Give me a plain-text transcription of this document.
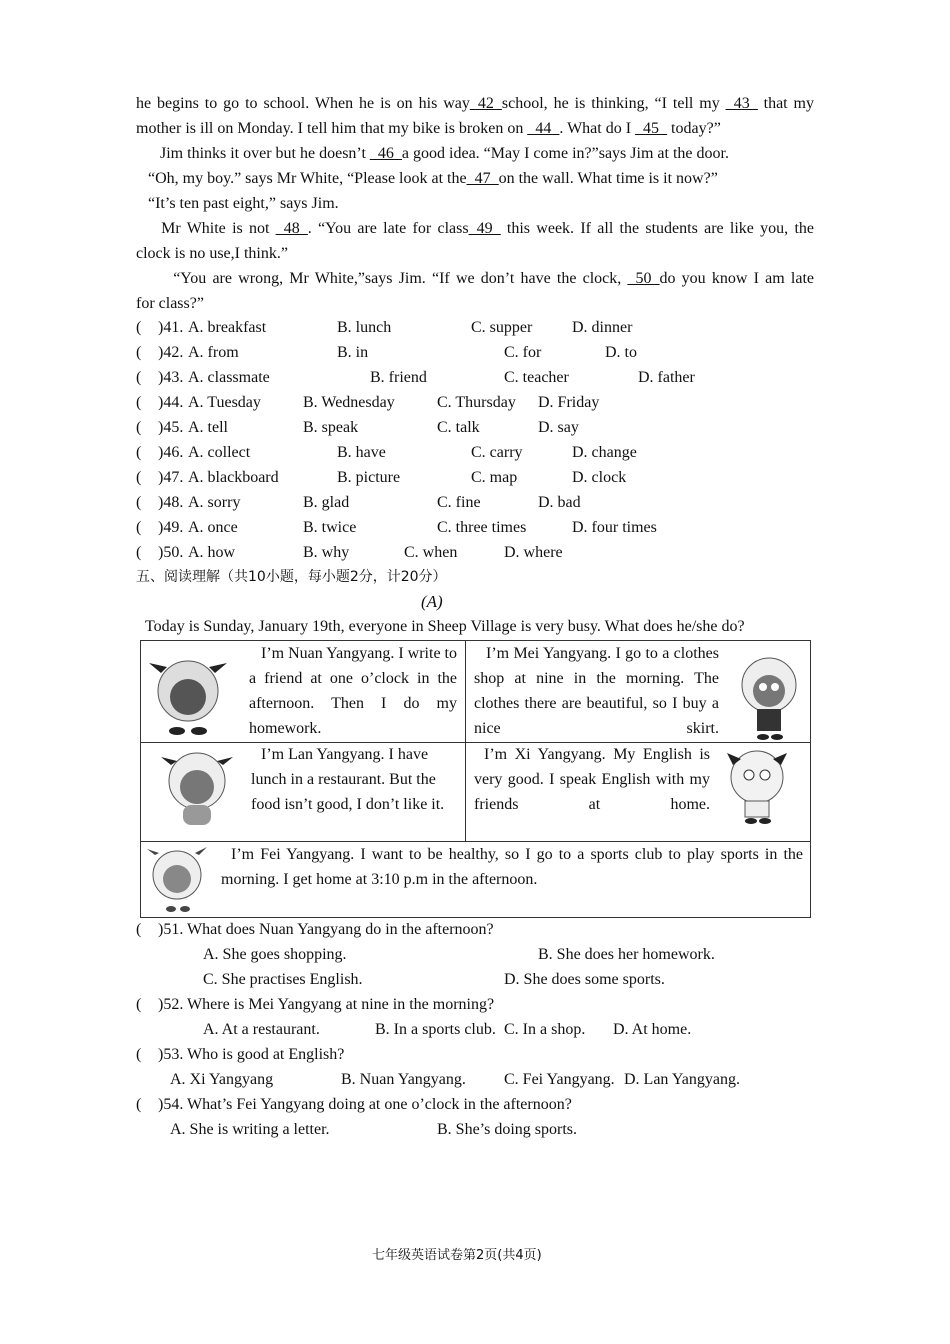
五、阅读理解（共10小题，每小题2分，计20分）
(A)
Today is Sunday, January 19th, everyone in Sheep Village is very busy. What does he/she do?
I’m Nuan Yangyang. I write to a friend at one o’clock in the afternoon. Then I do my homework.
I’m Mei Yangyang. I go to a clothes shop at nine in the morning. The clothes there are beautiful, so I buy a nice skirt.
I’m Lan Yangyang. I have lunch in a restaurant. But the food isn’t good, I don’t like it.
I’m Xi Yangyang. My English is very good. I speak English with my friends at home.
I’m Fei Yangyang. I want to be healthy, so I go to a sports club to play sports in the morning. I get home at 3:10 p.m in the afternoon.
七年级英语试卷第2页(共4页)
he begins to go to school. When he is on his way_42_school, he is thinking, “I tell my _43_ that my
mother is ill on Monday. I tell him that my bike is broken on _44_. What do I _45_ today?”
Jim thinks it over but he doesn’t _46_a good idea. “May I come in?”says Jim at the door.
“Oh, my boy.” says Mr White, “Please look at the_47_on the wall. What time is it now?”
“It’s ten past eight,” says Jim.
Mr White is not _48_. “You are late for class_49_ this week. If all the students are like you, the
clock is no use,I think.”
“You are wrong, Mr White,”says Jim. “If we don’t have the clock, _50_do you know I am late
for class?”
( )41. A. breakfast	B. lunch	C. supper D. dinner
( )42. A. from	B. in	C. for	D. to
( )43. A. classmate	B. friend	C. teacher	D. father
( )44. A. Tuesday	B. Wednesday	C. Thursday D. Friday
( )45. A. tell	B. speak	C. talk	D. say
( )46. A. collect	B. have	C. carry	D. change
( )47. A. blackboard	B. picture	C. map	D. clock
( )48. A. sorry	B. glad	C. fine	D. bad
( )49. A. once	B. twice	C. three times	D. four times
( )50. A. how	B. why	C. when	D. where
( )51. What does Nuan Yangyang do in the afternoon?
A. She goes shopping.	B. She does her homework.
C. She practises English.	D. She does some sports.
( )52. Where is Mei Yangyang at nine in the morning?
A. At a restaurant.	B. In a sports club. C. In a shop. D. At home.
( )53. Who is good at English?
A. Xi Yangyang	B. Nuan Yangyang. C. Fei Yangyang. D. Lan Yangyang.
( )54. What’s Fei Yangyang doing at one o’clock in the afternoon?
A. She is writing a letter.	B. She’s doing sports.
